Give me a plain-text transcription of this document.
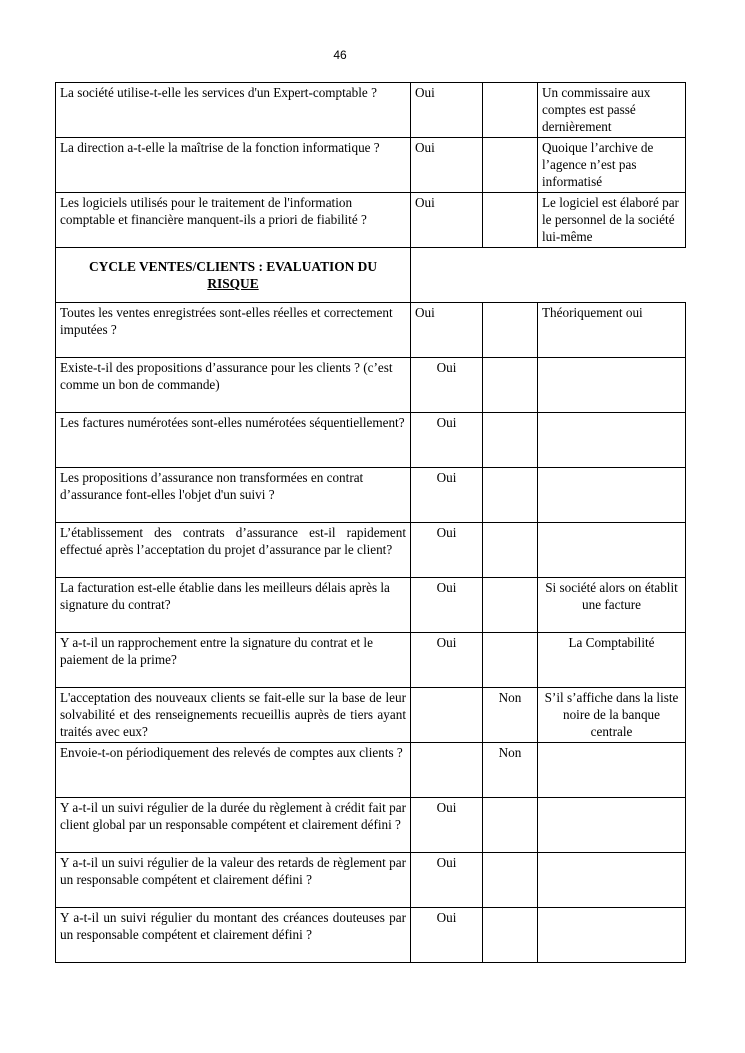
46
La société utilise-t-elle les services d'un Expert-comptable ?	Oui		Un commissaire aux comptes est passé dernièrement
La direction a-t-elle la maîtrise de la fonction informatique ?	Oui		Quoique l’archive de l’agence n’est pas informatisé
Les logiciels utilisés pour le traitement de l'information comptable et financière manquent-ils a priori de fiabilité ?	Oui		Le logiciel est élaboré par le personnel de la société lui-même

CYCLE VENTES/CLIENTS : EVALUATION DU
RISQUE			

Toutes les ventes enregistrées sont-elles réelles et correctement imputées ?	Oui		Théoriquement oui
Existe-t-il des propositions d’assurance pour les clients ? (c’est comme un bon de commande)	Oui		
Les factures numérotées sont-elles numérotées séquentiellement?	Oui		
Les propositions d’assurance non transformées en contrat d’assurance font-elles l'objet d'un suivi ?	Oui		
L’établissement des contrats d’assurance est-il rapidement effectué après l’acceptation du projet d’assurance par le client?	Oui		
La facturation est-elle établie dans les meilleurs délais après la signature du contrat?	Oui		Si société alors on établit une facture
Y a-t-il un rapprochement entre la signature du contrat et le paiement de la prime?	Oui		La Comptabilité
L'acceptation des nouveaux clients se fait-elle sur la base de leur solvabilité et des renseignements recueillis auprès de tiers ayant traités avec eux?		Non	S’il s’affiche dans la liste noire de la banque centrale
Envoie-t-on périodiquement des relevés de comptes aux clients ?		Non	
Y a-t-il un suivi régulier de la durée du règlement à crédit fait par client global par un responsable compétent et clairement défini ?	Oui		
Y a-t-il un suivi régulier de la valeur des retards de règlement par un responsable compétent et clairement défini ?	Oui		
Y a-t-il un suivi régulier du montant des créances douteuses par un responsable compétent et clairement défini ?	Oui		
